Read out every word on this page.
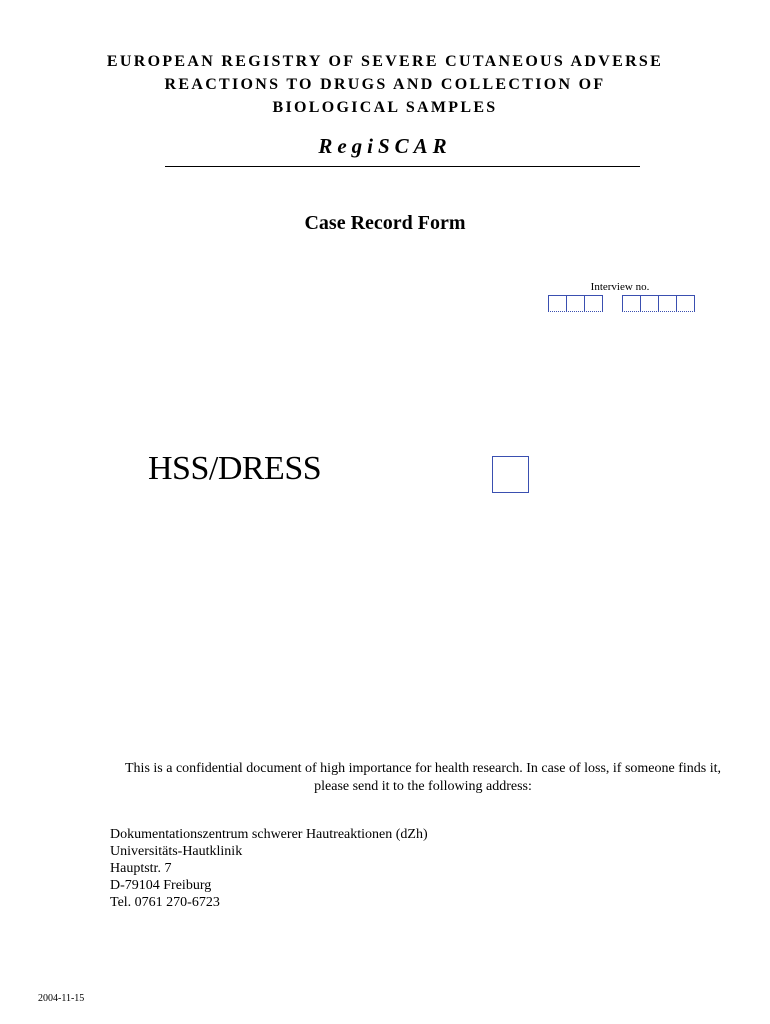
EUROPEAN REGISTRY OF SEVERE CUTANEOUS ADVERSE
REACTIONS TO DRUGS AND COLLECTION OF
BIOLOGICAL SAMPLES
RegiSCAR
Case Record Form
Interview no.
HSS/DRESS
This is a confidential document of high importance for health research. In case of loss, if someone finds it, please send it to the following address:
Dokumentationszentrum schwerer Hautreaktionen (dZh)
Universitäts-Hautklinik
Hauptstr. 7
D-79104 Freiburg
Tel. 0761 270-6723
2004-11-15
